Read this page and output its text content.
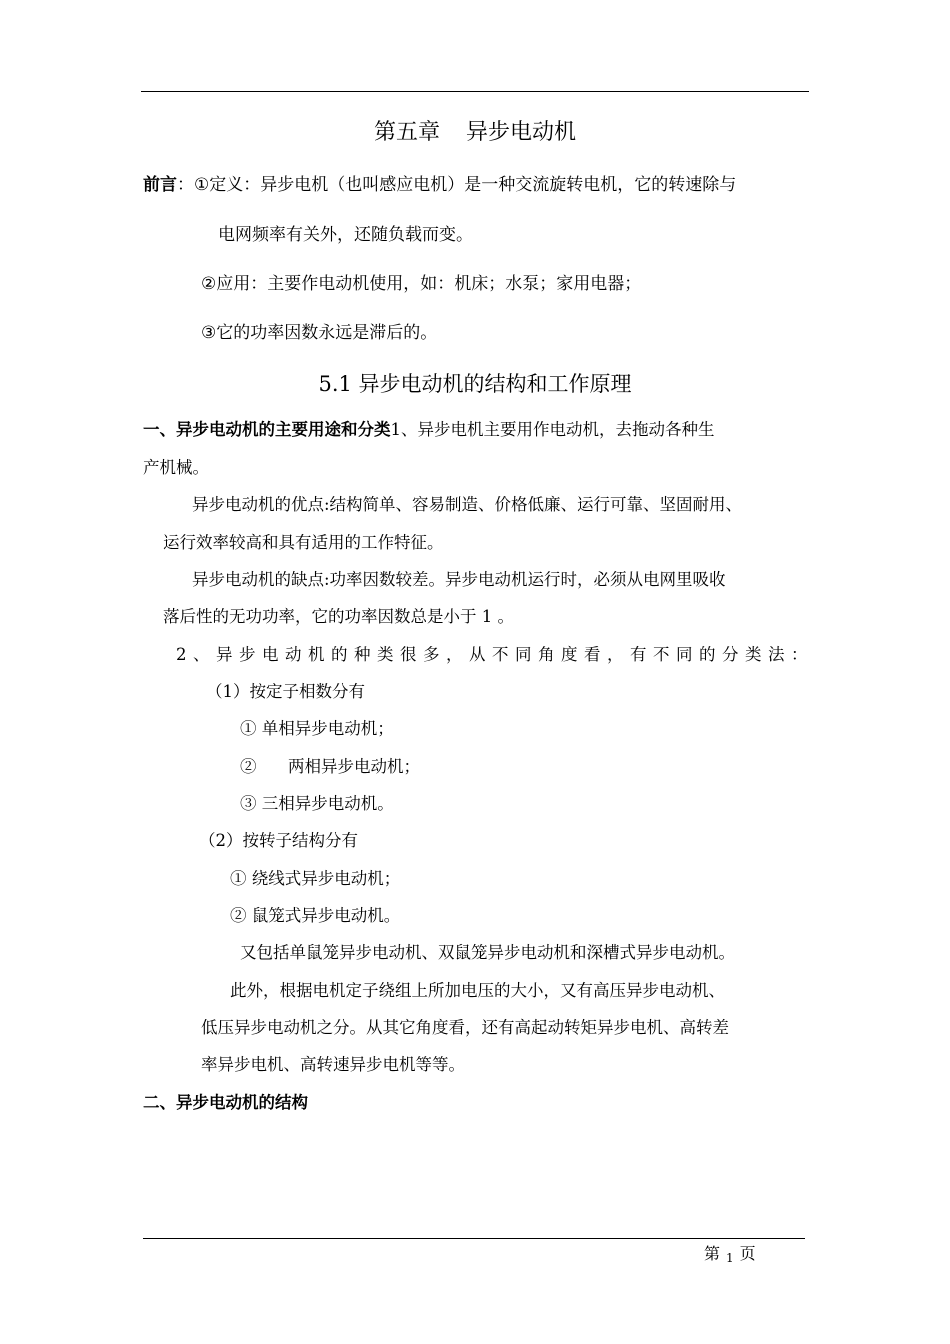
第五章 异步电动机
前言：①定义：异步电机（也叫感应电机）是一种交流旋转电机，它的转速除与
电网频率有关外，还随负载而变。
②应用：主要作电动机使用，如：机床；水泵；家用电器；
③它的功率因数永远是滞后的。
5.1 异步电动机的结构和工作原理
一、异步电动机的主要用途和分类1、异步电机主要用作电动机，去拖动各种生
产机械。
异步电动机的优点:结构简单、容易制造、价格低廉、运行可靠、坚固耐用、
运行效率较高和具有适用的工作特征。
异步电动机的缺点:功率因数较差。异步电动机运行时，必须从电网里吸收
落后性的无功功率，它的功率因数总是小于 1 。
2、异步电动机的种类很多，从不同角度看，有不同的分类法：
（1）按定子相数分有
① 单相异步电动机；
②      两相异步电动机；
③ 三相异步电动机。
（2）按转子结构分有
① 绕线式异步电动机；
② 鼠笼式异步电动机。
又包括单鼠笼异步电动机、双鼠笼异步电动机和深槽式异步电动机。
此外，根据电机定子绕组上所加电压的大小，又有高压异步电动机、
低压异步电动机之分。从其它角度看，还有高起动转矩异步电机、高转差
率异步电机、高转速异步电机等等。
二、异步电动机的结构
第 1 页
